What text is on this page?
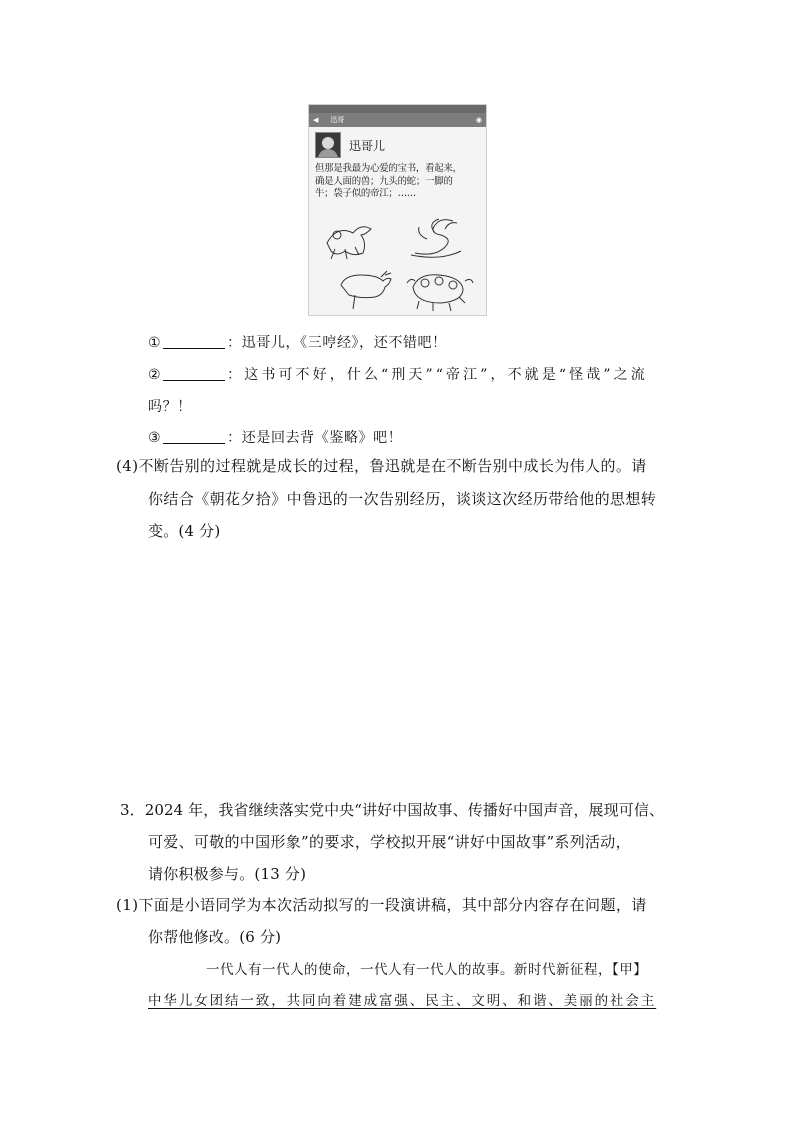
◀ 迅哥	◉
迅哥儿
但那是我最为心爱的宝书，看起来，
确是人面的兽；九头的蛇；一脚的
牛；袋子似的帝江；……
①	：迅哥儿，《三哼经》，还不错吧！
②	：这书可不好，什么“刑天”“帝江”，不就是“怪哉”之流
吗？！
③	：还是回去背《鉴略》吧！
(4)不断告别的过程就是成长的过程，鲁迅就是在不断告别中成长为伟人的。请
你结合《朝花夕拾》中鲁迅的一次告别经历，谈谈这次经历带给他的思想转
变。(4 分)
3．2024 年，我省继续落实党中央“讲好中国故事、传播好中国声音，展现可信、
可爱、可敬的中国形象”的要求，学校拟开展“讲好中国故事”系列活动，
请你积极参与。(13 分)
(1)下面是小语同学为本次活动拟写的一段演讲稿，其中部分内容存在问题，请
你帮他修改。(6 分)
一代人有一代人的使命，一代人有一代人的故事。新时代新征程，【甲】
中华儿女团结一致，共同向着建成富强、民主、文明、和谐、美丽的社会主
